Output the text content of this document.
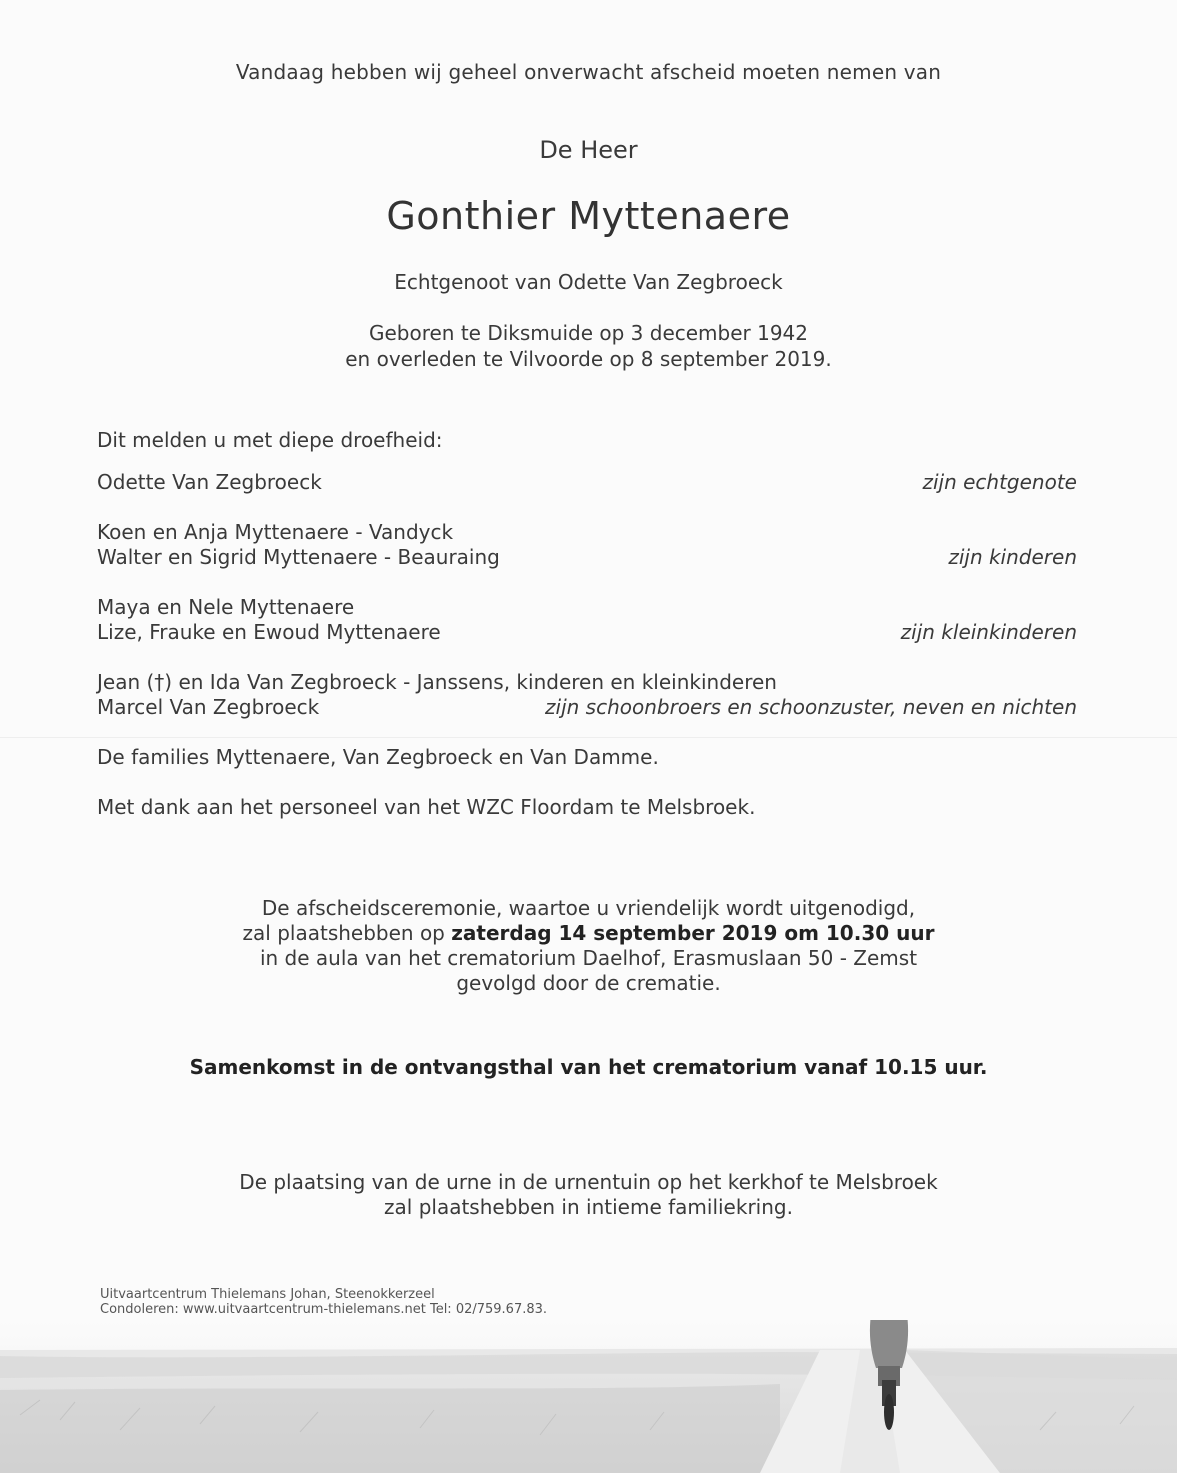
Vandaag hebben wij geheel onverwacht afscheid moeten nemen van
De Heer
Gonthier Myttenaere
Echtgenoot van Odette Van Zegbroeck
Geboren te Diksmuide op 3 december 1942
en overleden te Vilvoorde op 8 september 2019.
Dit melden u met diepe droefheid:
Odette Van Zegbroeck	zijn echtgenote
Koen en Anja Myttenaere - Vandyck
Walter en Sigrid Myttenaere - Beauraing	zijn kinderen
Maya en Nele Myttenaere
Lize, Frauke en Ewoud Myttenaere	zijn kleinkinderen
Jean (†) en Ida Van Zegbroeck - Janssens, kinderen en kleinkinderen
Marcel Van Zegbroeck	zijn schoonbroers en schoonzuster, neven en nichten
De families Myttenaere, Van Zegbroeck en Van Damme.
Met dank aan het personeel van het WZC Floordam te Melsbroek.
De afscheidsceremonie, waartoe u vriendelijk wordt uitgenodigd,
zal plaatshebben op zaterdag 14 september 2019 om 10.30 uur
in de aula van het crematorium Daelhof, Erasmuslaan 50 - Zemst
gevolgd door de crematie.
Samenkomst in de ontvangsthal van het crematorium vanaf 10.15 uur.
De plaatsing van de urne in de urnentuin op het kerkhof te Melsbroek
zal plaatshebben in intieme familiekring.
Uitvaartcentrum Thielemans Johan, Steenokkerzeel
Condoleren: www.uitvaartcentrum-thielemans.net Tel: 02/759.67.83.
